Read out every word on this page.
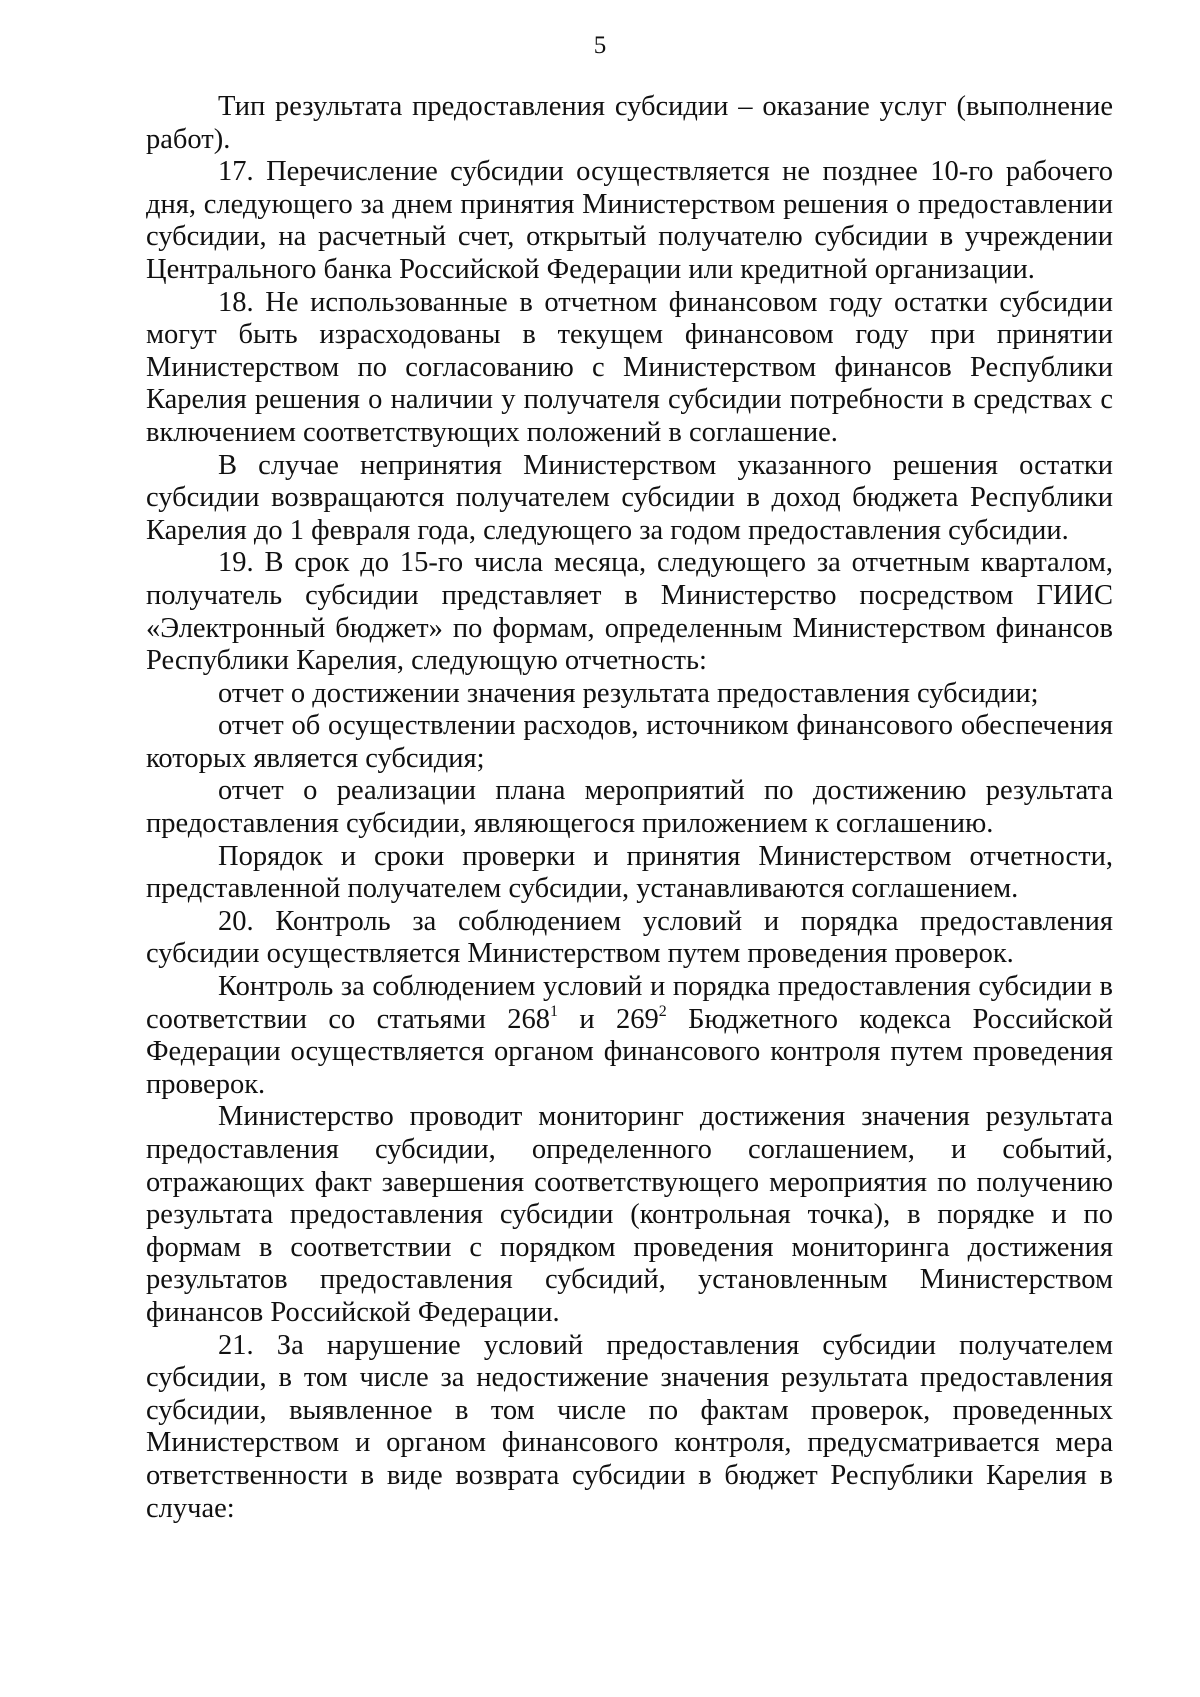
5

Тип результата предоставления субсидии – оказание услуг (выполнение работ).

17. Перечисление субсидии осуществляется не позднее 10-го рабочего дня, следующего за днем принятия Министерством решения о предоставлении субсидии, на расчетный счет, открытый получателю субсидии в учреждении Центрального банка Российской Федерации или кредитной организации.

18. Не использованные в отчетном финансовом году остатки субсидии могут быть израсходованы в текущем финансовом году при принятии Министерством по согласованию с Министерством финансов Республики Карелия решения о наличии у получателя субсидии потребности в средствах с включением соответствующих положений в соглашение.

В случае непринятия Министерством указанного решения остатки субсидии возвращаются получателем субсидии в доход бюджета Республики Карелия до 1 февраля года, следующего за годом предоставления субсидии.

19. В срок до 15-го числа месяца, следующего за отчетным кварталом, получатель субсидии представляет в Министерство посредством ГИИС «Электронный бюджет» по формам, определенным Министерством финансов Республики Карелия, следующую отчетность:

отчет о достижении значения результата предоставления субсидии;

отчет об осуществлении расходов, источником финансового обеспечения которых является субсидия;

отчет о реализации плана мероприятий по достижению результата предоставления субсидии, являющегося приложением к соглашению.

Порядок и сроки проверки и принятия Министерством отчетности, представленной получателем субсидии, устанавливаются соглашением.

20. Контроль за соблюдением условий и порядка предоставления субсидии осуществляется Министерством путем проведения проверок.

Контроль за соблюдением условий и порядка предоставления субсидии в соответствии со статьями $268^1$ и $269^2$ Бюджетного кодекса Российской Федерации осуществляется органом финансового контроля путем проведения проверок.

Министерство проводит мониторинг достижения значения результата предоставления субсидии, определенного соглашением, и событий, отражающих факт завершения соответствующего мероприятия по получению результата предоставления субсидии (контрольная точка), в порядке и по формам в соответствии с порядком проведения мониторинга достижения результатов предоставления субсидий, установленным Министерством финансов Российской Федерации.

21. За нарушение условий предоставления субсидии получателем субсидии, в том числе за недостижение значения результата предоставления субсидии, выявленное в том числе по фактам проверок, проведенных Министерством и органом финансового контроля, предусматривается мера ответственности в виде возврата субсидии в бюджет Республики Карелия в случае:
